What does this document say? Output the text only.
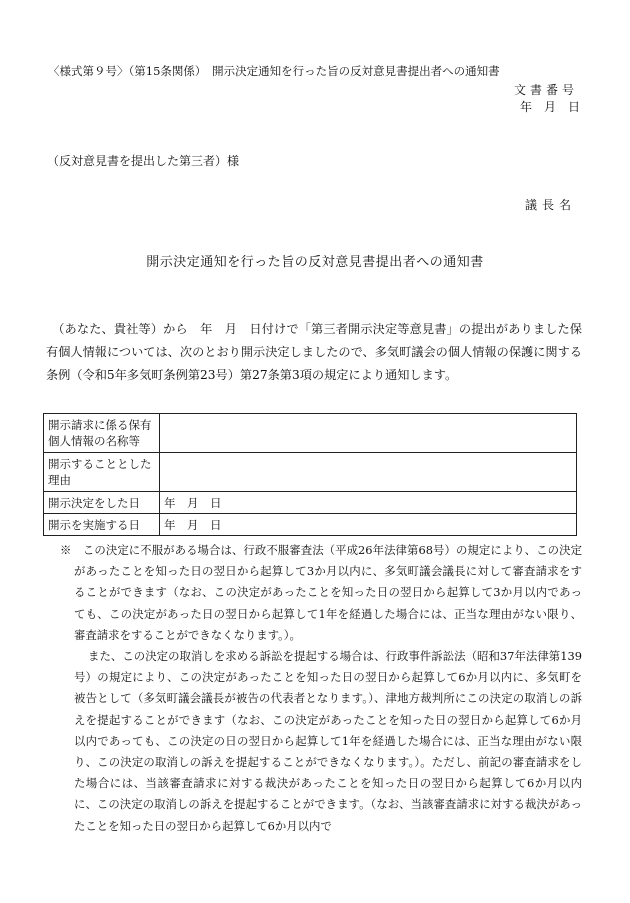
〈様式第９号〉（第15条関係）　開示決定通知を行った旨の反対意見書提出者への通知書
文書番号
年　月　日
（反対意見書を提出した第三者）様
議長名
開示決定通知を行った旨の反対意見書提出者への通知書

　（あなた、貴社等）から　年　月　日付けで「第三者開示決定等意見書」の提出がありました保有個人情報については、次のとおり開示決定しましたので、多気町議会の個人情報の保護に関する条例（令和5年多気町条例第23号）第27条第3項の規定により通知します。

開示請求に係る保有個人情報の名称等	
開示することとした理由	
開示決定をした日	年　月　日
開示を実施する日	年　月　日

※　この決定に不服がある場合は、行政不服審査法（平成26年法律第68号）の規定により、この決定があったことを知った日の翌日から起算して3か月以内に、多気町議会議長に対して審査請求をすることができます（なお、この決定があったことを知った日の翌日から起算して3か月以内であっても、この決定があった日の翌日から起算して1年を経過した場合には、正当な理由がない限り、審査請求をすることができなくなります。）。

また、この決定の取消しを求める訴訟を提起する場合は、行政事件訴訟法（昭和37年法律第139号）の規定により、この決定があったことを知った日の翌日から起算して6か月以内に、多気町を被告として（多気町議会議長が被告の代表者となります。）、津地方裁判所にこの決定の取消しの訴えを提起することができます（なお、この決定があったことを知った日の翌日から起算して6か月以内であっても、この決定の日の翌日から起算して1年を経過した場合には、正当な理由がない限り、この決定の取消しの訴えを提起することができなくなります。）。ただし、前記の審査請求をした場合には、当該審査請求に対する裁決があったことを知った日の翌日から起算して6か月以内に、この決定の取消しの訴えを提起することができます。（なお、当該審査請求に対する裁決があったことを知った日の翌日から起算して6か月以内で
